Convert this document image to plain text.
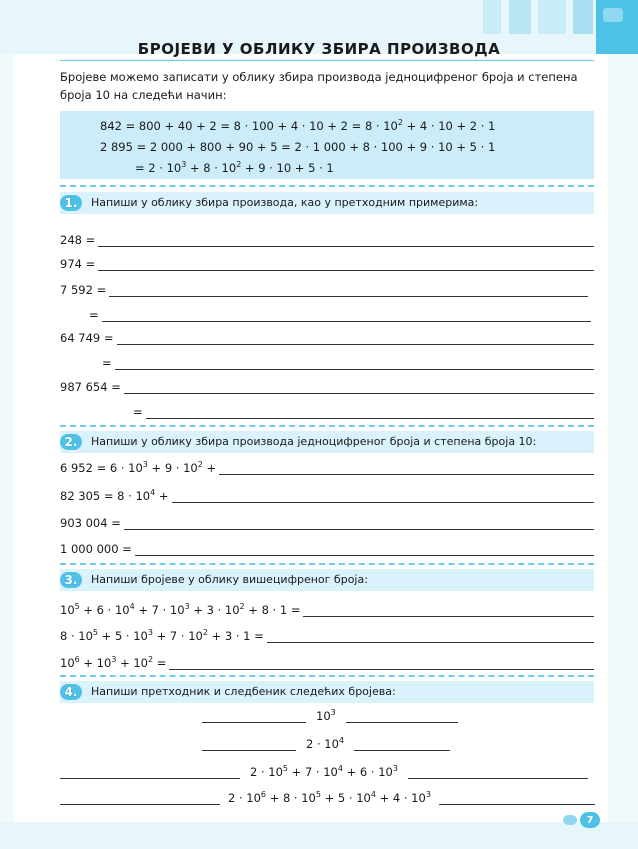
БРОЈЕВИ У ОБЛИКУ ЗБИРА ПРОИЗВОДА
Бројеве можемо записати у облику збира производа једноцифреног броја и степена броја 10 на следећи начин:
$842 = 800 + 40 + 2 = 8 \cdot 100 + 4 \cdot 10 + 2 = 8 \cdot 10^2 + 4 \cdot 10 + 2 \cdot 1$
2 895 = 2 000 + 800 + 90 + 5 = 2 · 1 000 + 8 · 100 + 9 · 10 + 5 · 1
= $2 \cdot 10^3 + 8 \cdot 10^2 + 9 \cdot 10 + 5 \cdot 1$
1.	Напиши у облику збира производа, као у претходним примерима:
248 =
974 =
7 592 =
=
64 749 =
=
987 654 =
=
2.	Напиши у облику збира производа једноцифреног броја и степена броја 10:
6 $952 = 6 \cdot 10^3 + 9 \cdot 10^2$ +
82 $305 = 8 \cdot 10^4$ +
903 004 =
1 000 000 =
3.	Напиши бројеве у облику вишецифреног броја:
$10^5 + 6 \cdot 10^4 + 7 \cdot 10^3 + 3 \cdot 10^2 + 8 \cdot 1$ =
$8 \cdot 10^5 + 5 \cdot 10^3 + 7 \cdot 10^2 + 3 \cdot 1$ =
$10^6 + 10^3 + 10^2$ =
4.	Напиши претходник и следбеник следећих бројева:
$10^3$
$2 \cdot 10^4$
$2 \cdot 10^5 + 7 \cdot 10^4 + 6 \cdot 10^3$
$2 \cdot 10^6 + 8 \cdot 10^5 + 5 \cdot 10^4 + 4 \cdot 10^3$
7
